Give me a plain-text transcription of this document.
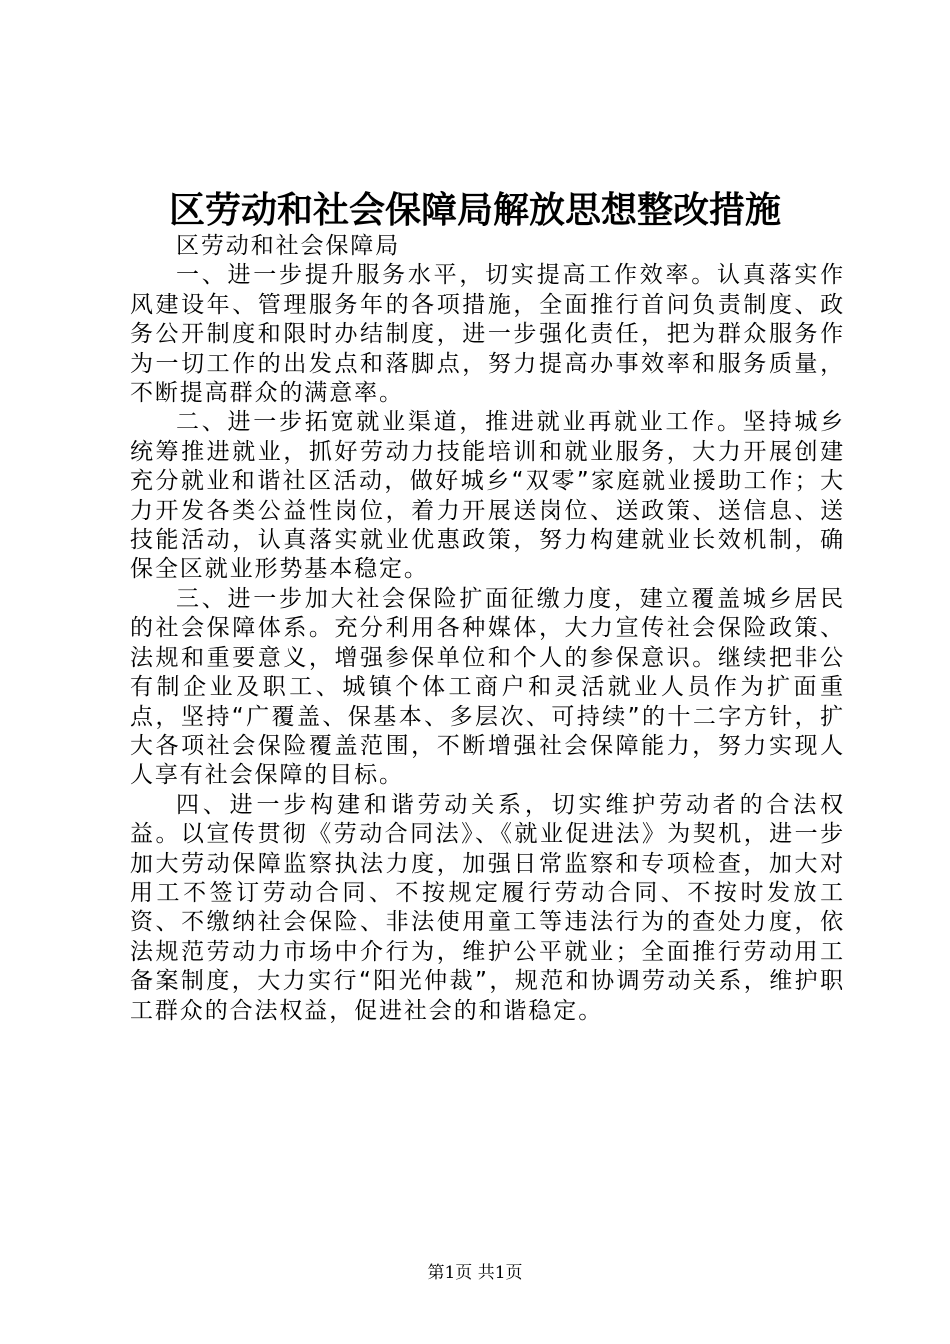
区劳动和社会保障局解放思想整改措施

区劳动和社会保障局

一、进一步提升服务水平，切实提高工作效率。认真落实作风建设年、管理服务年的各项措施，全面推行首问负责制度、政务公开制度和限时办结制度，进一步强化责任，把为群众服务作为一切工作的出发点和落脚点，努力提高办事效率和服务质量，不断提高群众的满意率。

二、进一步拓宽就业渠道，推进就业再就业工作。坚持城乡统筹推进就业，抓好劳动力技能培训和就业服务，大力开展创建充分就业和谐社区活动，做好城乡“双零”家庭就业援助工作；大力开发各类公益性岗位，着力开展送岗位、送政策、送信息、送技能活动，认真落实就业优惠政策，努力构建就业长效机制，确保全区就业形势基本稳定。

三、进一步加大社会保险扩面征缴力度，建立覆盖城乡居民的社会保障体系。充分利用各种媒体，大力宣传社会保险政策、法规和重要意义，增强参保单位和个人的参保意识。继续把非公有制企业及职工、城镇个体工商户和灵活就业人员作为扩面重点，坚持“广覆盖、保基本、多层次、可持续”的十二字方针，扩大各项社会保险覆盖范围，不断增强社会保障能力，努力实现人人享有社会保障的目标。

四、进一步构建和谐劳动关系，切实维护劳动者的合法权益。以宣传贯彻《劳动合同法》、《就业促进法》为契机，进一步加大劳动保障监察执法力度，加强日常监察和专项检查，加大对用工不签订劳动合同、不按规定履行劳动合同、不按时发放工资、不缴纳社会保险、非法使用童工等违法行为的查处力度，依法规范劳动力市场中介行为，维护公平就业；全面推行劳动用工备案制度，大力实行“阳光仲裁”，规范和协调劳动关系，维护职工群众的合法权益，促进社会的和谐稳定。

第1页 共1页
